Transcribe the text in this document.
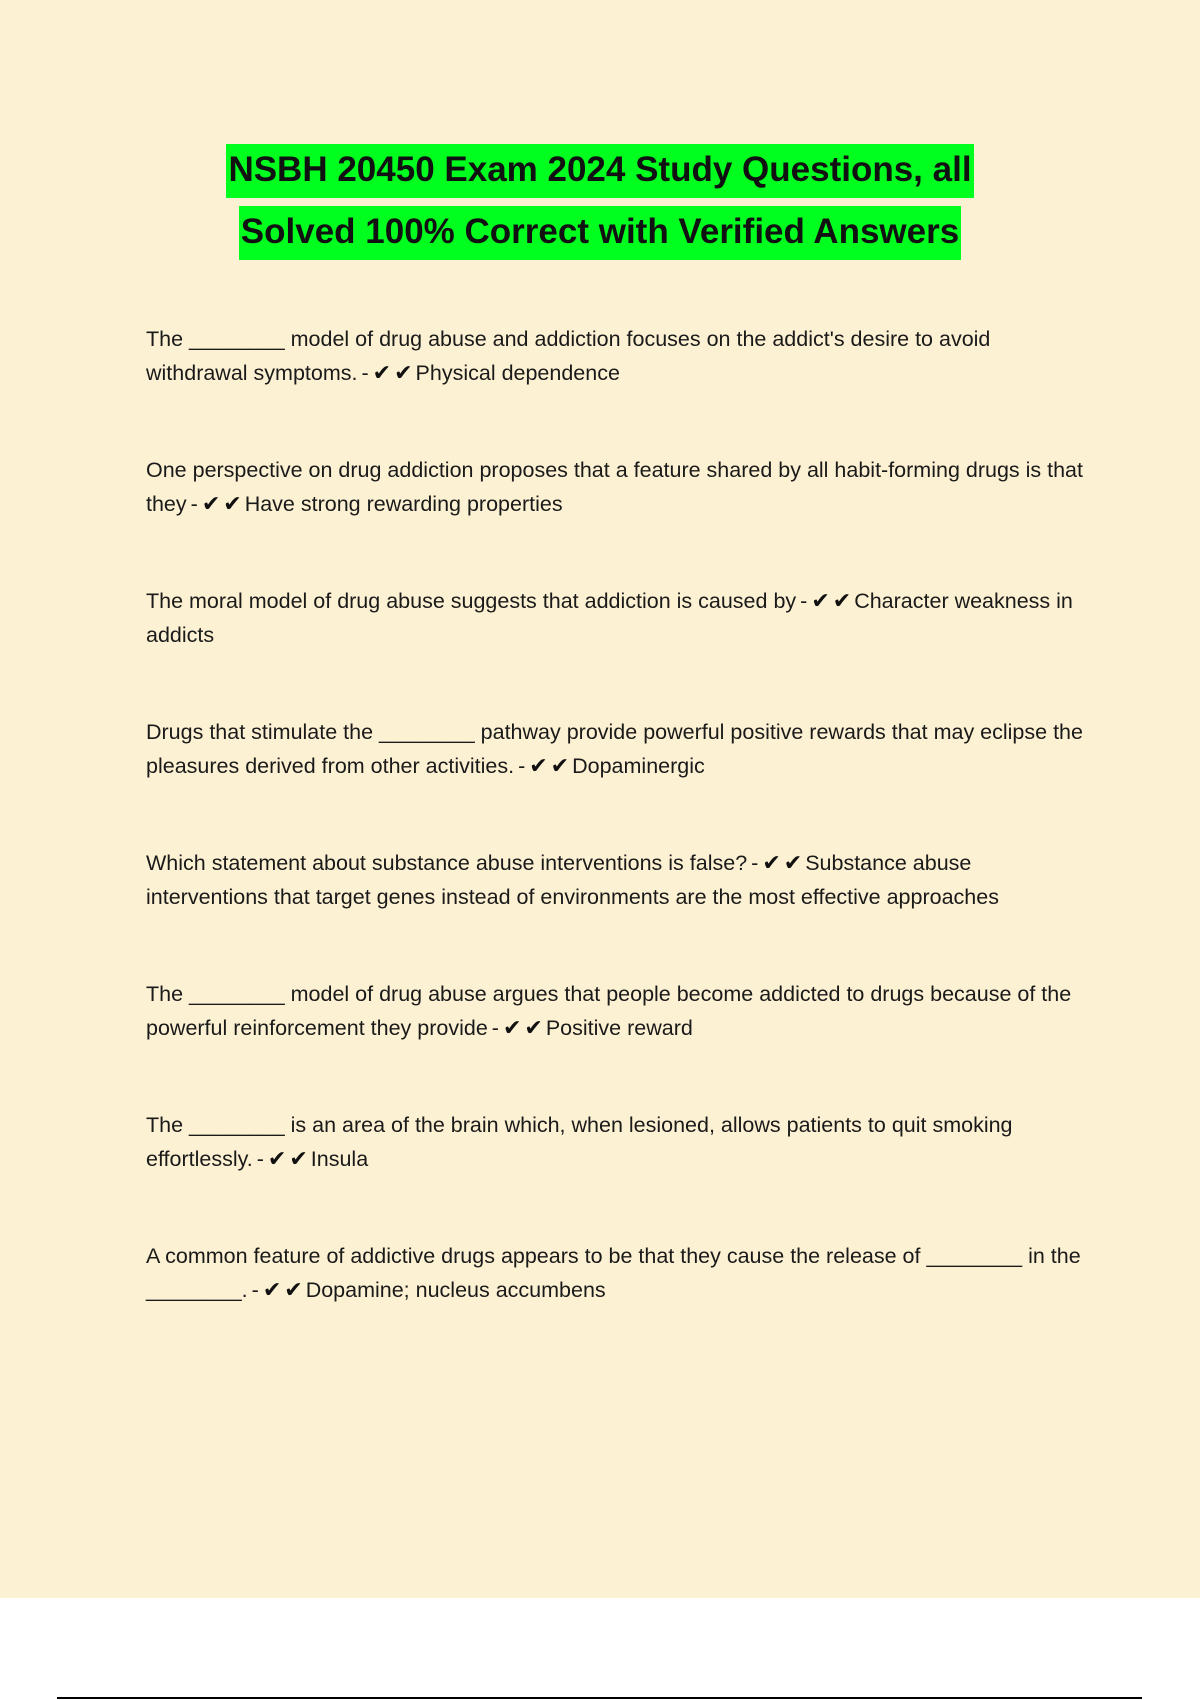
NSBH 20450 Exam 2024 Study Questions, all
Solved 100% Correct with Verified Answers

The ________ model of drug abuse and addiction focuses on the addict's desire to avoid withdrawal symptoms. - ✔ ✔ Physical dependence

One perspective on drug addiction proposes that a feature shared by all habit-forming drugs is that they - ✔ ✔ Have strong rewarding properties

The moral model of drug abuse suggests that addiction is caused by - ✔ ✔ Character weakness in addicts

Drugs that stimulate the ________ pathway provide powerful positive rewards that may eclipse the pleasures derived from other activities. - ✔ ✔ Dopaminergic

Which statement about substance abuse interventions is false? - ✔ ✔ Substance abuse interventions that target genes instead of environments are the most effective approaches

The ________ model of drug abuse argues that people become addicted to drugs because of the powerful reinforcement they provide - ✔ ✔ Positive reward

The ________ is an area of the brain which, when lesioned, allows patients to quit smoking effortlessly. - ✔ ✔ Insula

A common feature of addictive drugs appears to be that they cause the release of ________ in the ________. - ✔ ✔ Dopamine; nucleus accumbens
